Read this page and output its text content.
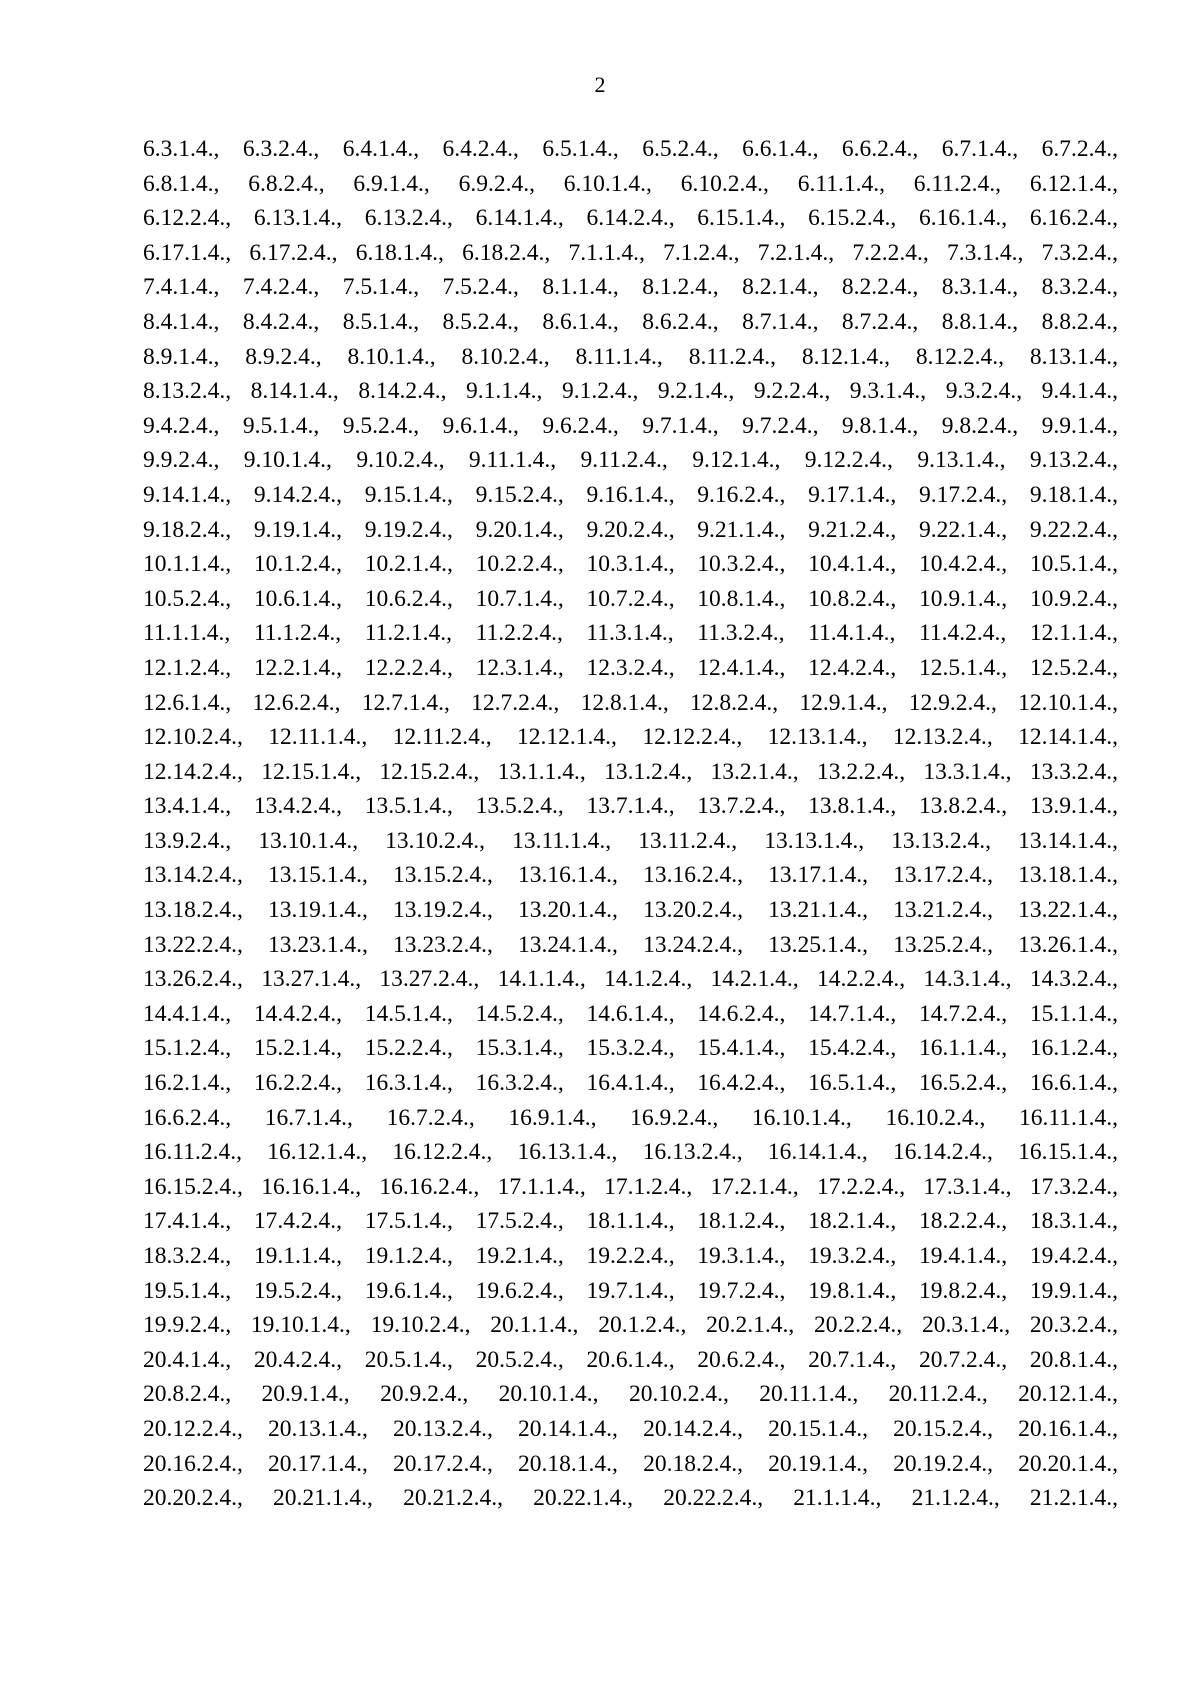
2
6.3.1.4., 6.3.2.4., 6.4.1.4., 6.4.2.4., 6.5.1.4., 6.5.2.4., 6.6.1.4., 6.6.2.4., 6.7.1.4., 6.7.2.4.,
6.8.1.4., 6.8.2.4., 6.9.1.4., 6.9.2.4., 6.10.1.4., 6.10.2.4., 6.11.1.4., 6.11.2.4., 6.12.1.4.,
6.12.2.4., 6.13.1.4., 6.13.2.4., 6.14.1.4., 6.14.2.4., 6.15.1.4., 6.15.2.4., 6.16.1.4., 6.16.2.4.,
6.17.1.4., 6.17.2.4., 6.18.1.4., 6.18.2.4., 7.1.1.4., 7.1.2.4., 7.2.1.4., 7.2.2.4., 7.3.1.4., 7.3.2.4.,
7.4.1.4., 7.4.2.4., 7.5.1.4., 7.5.2.4., 8.1.1.4., 8.1.2.4., 8.2.1.4., 8.2.2.4., 8.3.1.4., 8.3.2.4.,
8.4.1.4., 8.4.2.4., 8.5.1.4., 8.5.2.4., 8.6.1.4., 8.6.2.4., 8.7.1.4., 8.7.2.4., 8.8.1.4., 8.8.2.4.,
8.9.1.4., 8.9.2.4., 8.10.1.4., 8.10.2.4., 8.11.1.4., 8.11.2.4., 8.12.1.4., 8.12.2.4., 8.13.1.4.,
8.13.2.4., 8.14.1.4., 8.14.2.4., 9.1.1.4., 9.1.2.4., 9.2.1.4., 9.2.2.4., 9.3.1.4., 9.3.2.4., 9.4.1.4.,
9.4.2.4., 9.5.1.4., 9.5.2.4., 9.6.1.4., 9.6.2.4., 9.7.1.4., 9.7.2.4., 9.8.1.4., 9.8.2.4., 9.9.1.4.,
9.9.2.4., 9.10.1.4., 9.10.2.4., 9.11.1.4., 9.11.2.4., 9.12.1.4., 9.12.2.4., 9.13.1.4., 9.13.2.4.,
9.14.1.4., 9.14.2.4., 9.15.1.4., 9.15.2.4., 9.16.1.4., 9.16.2.4., 9.17.1.4., 9.17.2.4., 9.18.1.4.,
9.18.2.4., 9.19.1.4., 9.19.2.4., 9.20.1.4., 9.20.2.4., 9.21.1.4., 9.21.2.4., 9.22.1.4., 9.22.2.4.,
10.1.1.4., 10.1.2.4., 10.2.1.4., 10.2.2.4., 10.3.1.4., 10.3.2.4., 10.4.1.4., 10.4.2.4., 10.5.1.4.,
10.5.2.4., 10.6.1.4., 10.6.2.4., 10.7.1.4., 10.7.2.4., 10.8.1.4., 10.8.2.4., 10.9.1.4., 10.9.2.4.,
11.1.1.4., 11.1.2.4., 11.2.1.4., 11.2.2.4., 11.3.1.4., 11.3.2.4., 11.4.1.4., 11.4.2.4., 12.1.1.4.,
12.1.2.4., 12.2.1.4., 12.2.2.4., 12.3.1.4., 12.3.2.4., 12.4.1.4., 12.4.2.4., 12.5.1.4., 12.5.2.4.,
12.6.1.4., 12.6.2.4., 12.7.1.4., 12.7.2.4., 12.8.1.4., 12.8.2.4., 12.9.1.4., 12.9.2.4., 12.10.1.4.,
12.10.2.4., 12.11.1.4., 12.11.2.4., 12.12.1.4., 12.12.2.4., 12.13.1.4., 12.13.2.4., 12.14.1.4.,
12.14.2.4., 12.15.1.4., 12.15.2.4., 13.1.1.4., 13.1.2.4., 13.2.1.4., 13.2.2.4., 13.3.1.4., 13.3.2.4.,
13.4.1.4., 13.4.2.4., 13.5.1.4., 13.5.2.4., 13.7.1.4., 13.7.2.4., 13.8.1.4., 13.8.2.4., 13.9.1.4.,
13.9.2.4., 13.10.1.4., 13.10.2.4., 13.11.1.4., 13.11.2.4., 13.13.1.4., 13.13.2.4., 13.14.1.4.,
13.14.2.4., 13.15.1.4., 13.15.2.4., 13.16.1.4., 13.16.2.4., 13.17.1.4., 13.17.2.4., 13.18.1.4.,
13.18.2.4., 13.19.1.4., 13.19.2.4., 13.20.1.4., 13.20.2.4., 13.21.1.4., 13.21.2.4., 13.22.1.4.,
13.22.2.4., 13.23.1.4., 13.23.2.4., 13.24.1.4., 13.24.2.4., 13.25.1.4., 13.25.2.4., 13.26.1.4.,
13.26.2.4., 13.27.1.4., 13.27.2.4., 14.1.1.4., 14.1.2.4., 14.2.1.4., 14.2.2.4., 14.3.1.4., 14.3.2.4.,
14.4.1.4., 14.4.2.4., 14.5.1.4., 14.5.2.4., 14.6.1.4., 14.6.2.4., 14.7.1.4., 14.7.2.4., 15.1.1.4.,
15.1.2.4., 15.2.1.4., 15.2.2.4., 15.3.1.4., 15.3.2.4., 15.4.1.4., 15.4.2.4., 16.1.1.4., 16.1.2.4.,
16.2.1.4., 16.2.2.4., 16.3.1.4., 16.3.2.4., 16.4.1.4., 16.4.2.4., 16.5.1.4., 16.5.2.4., 16.6.1.4.,
16.6.2.4., 16.7.1.4., 16.7.2.4., 16.9.1.4., 16.9.2.4., 16.10.1.4., 16.10.2.4., 16.11.1.4.,
16.11.2.4., 16.12.1.4., 16.12.2.4., 16.13.1.4., 16.13.2.4., 16.14.1.4., 16.14.2.4., 16.15.1.4.,
16.15.2.4., 16.16.1.4., 16.16.2.4., 17.1.1.4., 17.1.2.4., 17.2.1.4., 17.2.2.4., 17.3.1.4., 17.3.2.4.,
17.4.1.4., 17.4.2.4., 17.5.1.4., 17.5.2.4., 18.1.1.4., 18.1.2.4., 18.2.1.4., 18.2.2.4., 18.3.1.4.,
18.3.2.4., 19.1.1.4., 19.1.2.4., 19.2.1.4., 19.2.2.4., 19.3.1.4., 19.3.2.4., 19.4.1.4., 19.4.2.4.,
19.5.1.4., 19.5.2.4., 19.6.1.4., 19.6.2.4., 19.7.1.4., 19.7.2.4., 19.8.1.4., 19.8.2.4., 19.9.1.4.,
19.9.2.4., 19.10.1.4., 19.10.2.4., 20.1.1.4., 20.1.2.4., 20.2.1.4., 20.2.2.4., 20.3.1.4., 20.3.2.4.,
20.4.1.4., 20.4.2.4., 20.5.1.4., 20.5.2.4., 20.6.1.4., 20.6.2.4., 20.7.1.4., 20.7.2.4., 20.8.1.4.,
20.8.2.4., 20.9.1.4., 20.9.2.4., 20.10.1.4., 20.10.2.4., 20.11.1.4., 20.11.2.4., 20.12.1.4.,
20.12.2.4., 20.13.1.4., 20.13.2.4., 20.14.1.4., 20.14.2.4., 20.15.1.4., 20.15.2.4., 20.16.1.4.,
20.16.2.4., 20.17.1.4., 20.17.2.4., 20.18.1.4., 20.18.2.4., 20.19.1.4., 20.19.2.4., 20.20.1.4.,
20.20.2.4., 20.21.1.4., 20.21.2.4., 20.22.1.4., 20.22.2.4., 21.1.1.4., 21.1.2.4., 21.2.1.4.,
